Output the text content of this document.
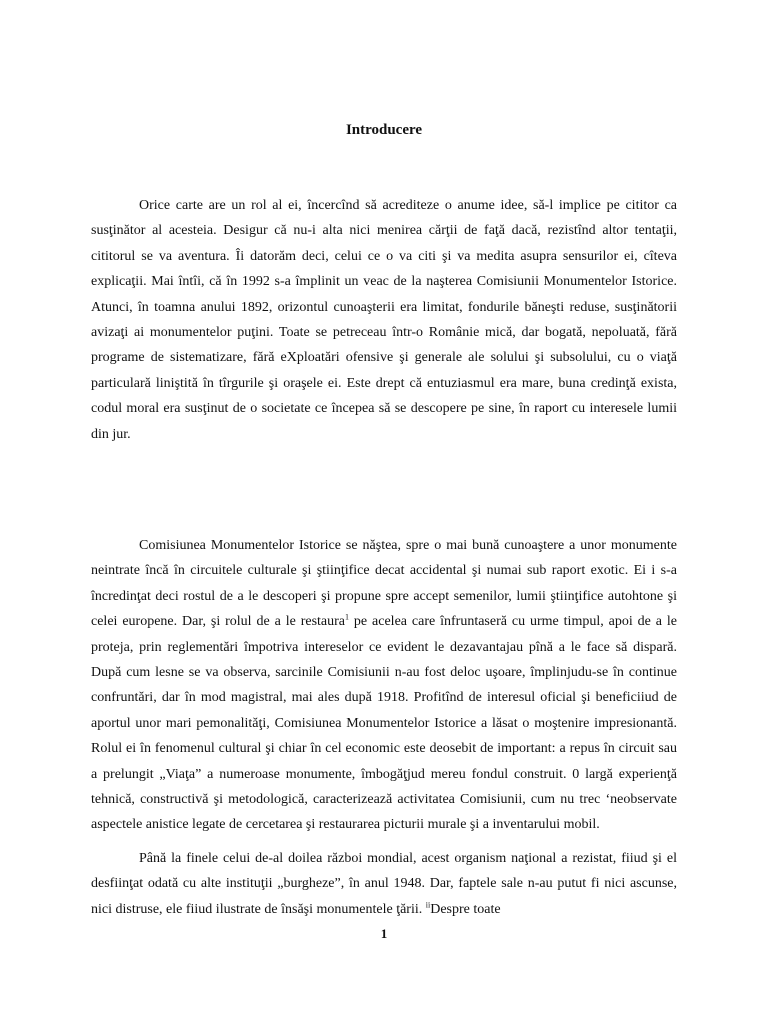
Introducere

Orice carte are un rol al ei, încercînd să acrediteze o anume idee, să-l implice pe cititor ca susţinător al acesteia. Desigur că nu-i alta nici menirea cărţii de faţă dacă, rezistînd altor tentaţii, cititorul se va aventura. Îi datorăm deci, celui ce o va citi şi va medita asupra sensurilor ei, cîteva explicaţii. Mai întîi, că în 1992 s-a împlinit un veac de la naşterea Comisiunii Monumentelor Istorice. Atunci, în toamna anului 1892, orizontul cunoaşterii era limitat, fondurile băneşti reduse, susţinătorii avizaţi ai monumentelor puţini. Toate se petreceau într-o Românie mică, dar bogată, nepoluată, fără programe de sistematizare, fără eXploatări ofensive şi generale ale solului şi subsolului, cu o viaţă particulară liniştită în tîrgurile şi oraşele ei. Este drept că entuziasmul era mare, buna credinţă exista, codul moral era susţinut de o societate ce începea să se descopere pe sine, în raport cu interesele lumii din jur.

Comisiunea Monumentelor Istorice se năştea, spre o mai bună cunoaştere a unor monumente neintrate încă în circuitele culturale şi ştiinţifice decat accidental şi numai sub raport exotic. Ei i s-a încredinţat deci rostul de a le descoperi şi propune spre accept semenilor, lumii ştiinţifice autohtone şi celei europene. Dar, şi rolul de a le restaura$^1$ pe acelea care înfruntaseră cu urme timpul, apoi de a le proteja, prin reglementări împotriva intereselor ce evident le dezavantajau pînă a le face să dispară. După cum lesne se va observa, sarcinile Comisiunii n-au fost deloc uşoare, împlinjudu-se în continue confruntări, dar în mod magistral, mai ales după 1918. Profitînd de interesul oficial şi beneficiiud de aportul unor mari pemonalităţi, Comisiunea Monumentelor Istorice a lăsat o moştenire impresionantă. Rolul ei în fenomenul cultural şi chiar în cel economic este deosebit de important: a repus în circuit sau a prelungit „Viaţa” a numeroase monumente, îmbogăţjud mereu fondul construit. 0 largă experienţă tehnică, constructivă şi metodologică, caracterizează activitatea Comisiunii, cum nu trec ‘neobservate aspectele anistice legate de cercetarea şi restaurarea picturii murale şi a inventarului mobil.

Până la finele celui de-al doilea război mondial, acest organism naţional a rezistat, fiiud şi el desfiinţat odată cu alte instituţii „burgheze”, în anul 1948. Dar, faptele sale n-au putut fi nici ascunse, nici distruse, ele fiiud ilustrate de însăşi monumentele ţării. $^{ii}$Despre toate

1
